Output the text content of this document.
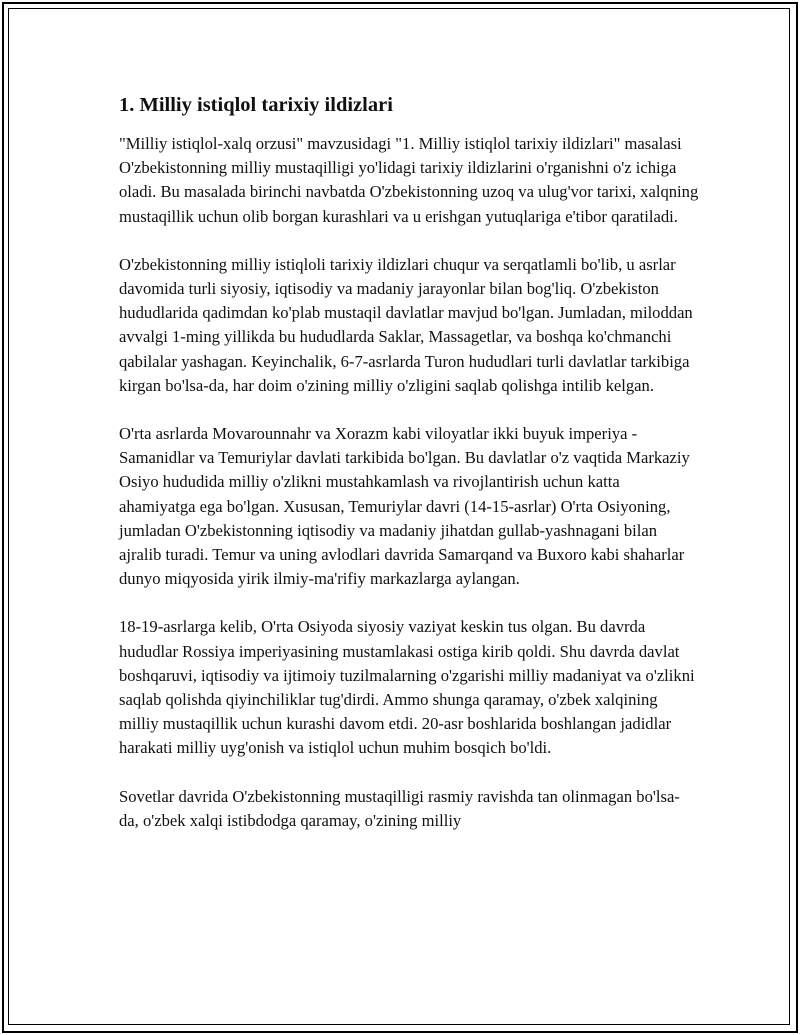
1. Milliy istiqlol tarixiy ildizlari

"Milliy istiqlol-xalq orzusi" mavzusidagi "1. Milliy istiqlol tarixiy ildizlari" masalasi O'zbekistonning milliy mustaqilligi yo'lidagi tarixiy ildizlarini o'rganishni o'z ichiga oladi. Bu masalada birinchi navbatda O'zbekistonning uzoq va ulug'vor tarixi, xalqning mustaqillik uchun olib borgan kurashlari va u erishgan yutuqlariga e'tibor qaratiladi.

O'zbekistonning milliy istiqloli tarixiy ildizlari chuqur va serqatlamli bo'lib, u asrlar davomida turli siyosiy, iqtisodiy va madaniy jarayonlar bilan bog'liq. O'zbekiston hududlarida qadimdan ko'plab mustaqil davlatlar mavjud bo'lgan. Jumladan, miloddan avvalgi 1-ming yillikda bu hududlarda Saklar, Massagetlar, va boshqa ko'chmanchi qabilalar yashagan. Keyinchalik, 6-7-asrlarda Turon hududlari turli davlatlar tarkibiga kirgan bo'lsa-da, har doim o'zining milliy o'zligini saqlab qolishga intilib kelgan.

O'rta asrlarda Movarounnahr va Xorazm kabi viloyatlar ikki buyuk imperiya - Samanidlar va Temuriylar davlati tarkibida bo'lgan. Bu davlatlar o'z vaqtida Markaziy Osiyo hududida milliy o'zlikni mustahkamlash va rivojlantirish uchun katta ahamiyatga ega bo'lgan. Xususan, Temuriylar davri (14-15-asrlar) O'rta Osiyoning, jumladan O'zbekistonning iqtisodiy va madaniy jihatdan gullab-yashnagani bilan ajralib turadi. Temur va uning avlodlari davrida Samarqand va Buxoro kabi shaharlar dunyo miqyosida yirik ilmiy-ma'rifiy markazlarga aylangan.

18-19-asrlarga kelib, O'rta Osiyoda siyosiy vaziyat keskin tus olgan. Bu davrda hududlar Rossiya imperiyasining mustamlakasi ostiga kirib qoldi. Shu davrda davlat boshqaruvi, iqtisodiy va ijtimoiy tuzilmalarning o'zgarishi milliy madaniyat va o'zlikni saqlab qolishda qiyinchiliklar tug'dirdi. Ammo shunga qaramay, o'zbek xalqining milliy mustaqillik uchun kurashi davom etdi. 20-asr boshlarida boshlangan jadidlar harakati milliy uyg'onish va istiqlol uchun muhim bosqich bo'ldi.

Sovetlar davrida O'zbekistonning mustaqilligi rasmiy ravishda tan olinmagan bo'lsa-da, o'zbek xalqi istibdodga qaramay, o'zining milliy
